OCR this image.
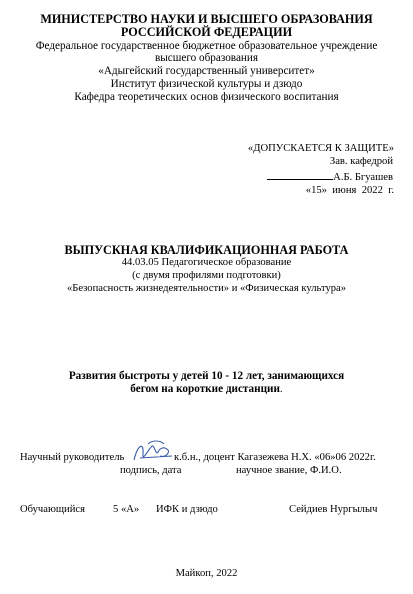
МИНИСТЕРСТВО НАУКИ И ВЫСШЕГО ОБРАЗОВАНИЯ
РОССИЙСКОЙ ФЕДЕРАЦИИ
Федеральное государственное бюджетное образовательное учреждение
высшего образования
«Адыгейский государственный университет»
Институт физической культуры и дзюдо
Кафедра теоретических основ физического воспитания
«ДОПУСКАЕТСЯ К ЗАЩИТЕ»
Зав. кафедрой
А.Б. Бгуашев
«15» июня 2022 г.
ВЫПУСКНАЯ КВАЛИФИКАЦИОННАЯ РАБОТА
44.03.05 Педагогическое образование
(с двумя профилями подготовки)
«Безопасность жизнедеятельности» и «Физическая культура»
Развития быстроты у детей 10 - 12 лет, занимающихся
бегом на короткие дистанции.
Научный руководитель	к.б.н., доцент Кагазежева Н.Х. «06»06 2022г.
подпись, дата	научное звание, Ф.И.О.
Обучающийся	5 «А» ИФК и дзюдо	Сейдиев Нургылыч
Майкоп, 2022
